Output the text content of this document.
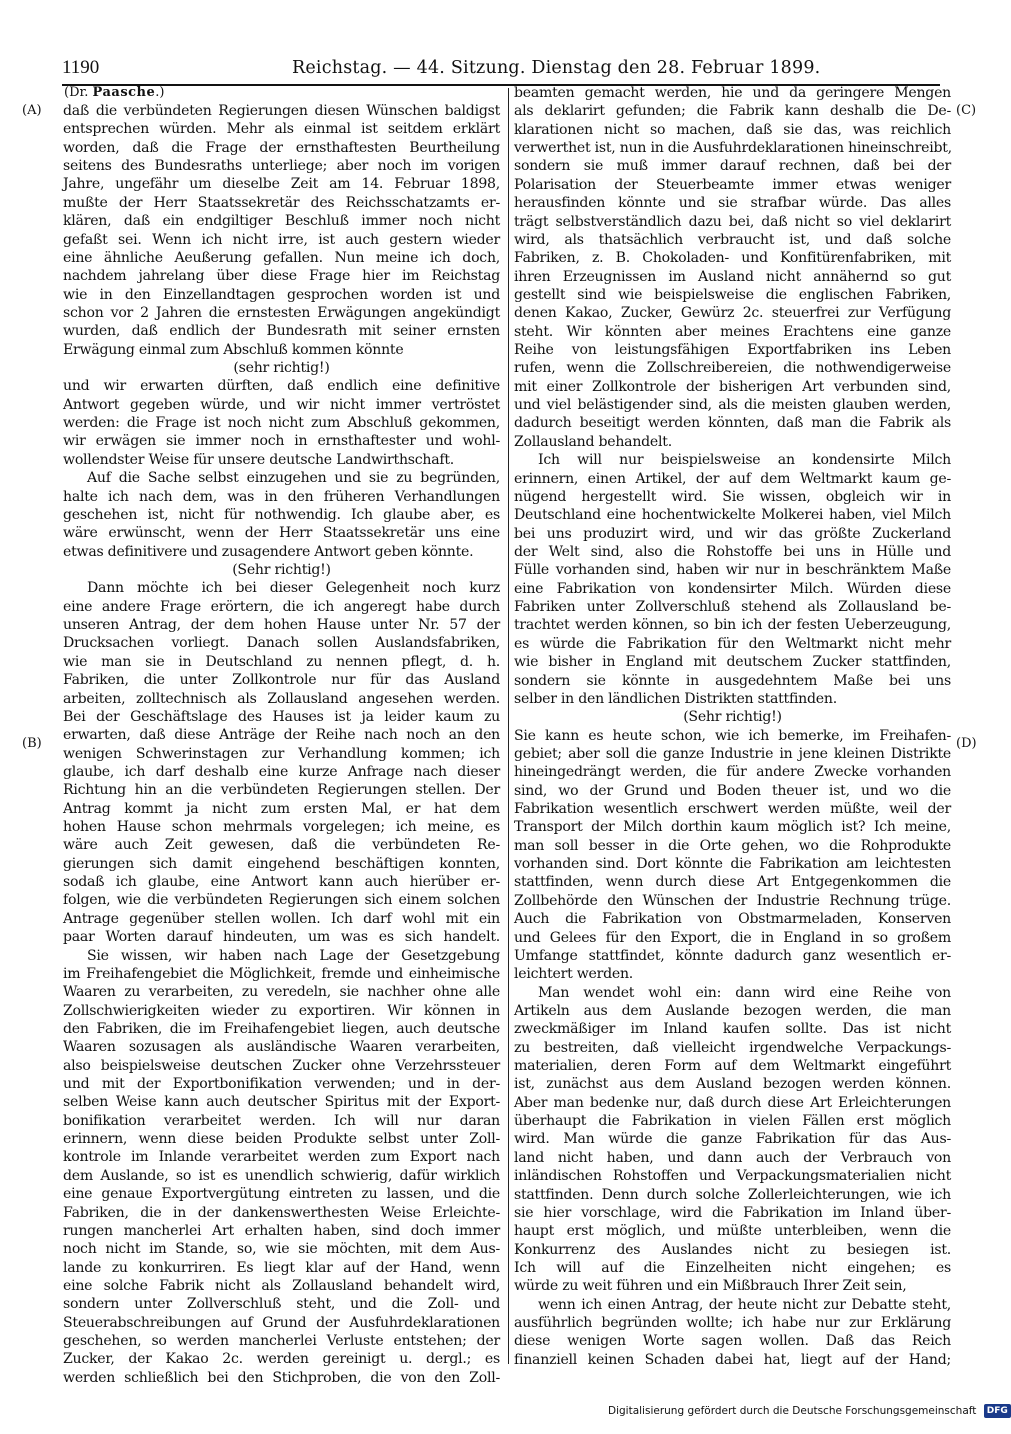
1190	Reichstag. — 44. Sitzung. Dienstag den 28. Februar 1899.
(Dr. Paasche.)
(A)
(B)
(C)
(D)
daß die verbündeten Regierungen diesen Wünschen baldigst
entsprechen würden. Mehr als einmal ist seitdem erklärt
worden, daß die Frage der ernsthaftesten Beurtheilung
seitens des Bundesraths unterliege; aber noch im vorigen
Jahre, ungefähr um dieselbe Zeit am 14. Februar 1898,
mußte der Herr Staatssekretär des Reichsschatzamts er-
klären, daß ein endgiltiger Beschluß immer noch nicht
gefaßt sei. Wenn ich nicht irre, ist auch gestern wieder
eine ähnliche Aeußerung gefallen. Nun meine ich doch,
nachdem jahrelang über diese Frage hier im Reichstag
wie in den Einzellandtagen gesprochen worden ist und
schon vor 2 Jahren die ernstesten Erwägungen angekündigt
wurden, daß endlich der Bundesrath mit seiner ernsten
Erwägung einmal zum Abschluß kommen könnte
(sehr richtig!)
und wir erwarten dürften, daß endlich eine definitive
Antwort gegeben würde, und wir nicht immer vertröstet
werden: die Frage ist noch nicht zum Abschluß gekommen,
wir erwägen sie immer noch in ernsthaftester und wohl-
wollendster Weise für unsere deutsche Landwirthschaft.
Auf die Sache selbst einzugehen und sie zu begründen,
halte ich nach dem, was in den früheren Verhandlungen
geschehen ist, nicht für nothwendig. Ich glaube aber, es
wäre erwünscht, wenn der Herr Staatssekretär uns eine
etwas definitivere und zusagendere Antwort geben könnte.
(Sehr richtig!)
Dann möchte ich bei dieser Gelegenheit noch kurz
eine andere Frage erörtern, die ich angeregt habe durch
unseren Antrag, der dem hohen Hause unter Nr. 57 der
Drucksachen vorliegt. Danach sollen Auslandsfabriken,
wie man sie in Deutschland zu nennen pflegt, d. h.
Fabriken, die unter Zollkontrole nur für das Ausland
arbeiten, zolltechnisch als Zollausland angesehen werden.
Bei der Geschäftslage des Hauses ist ja leider kaum zu
erwarten, daß diese Anträge der Reihe nach noch an den
wenigen Schwerinstagen zur Verhandlung kommen; ich
glaube, ich darf deshalb eine kurze Anfrage nach dieser
Richtung hin an die verbündeten Regierungen stellen. Der
Antrag kommt ja nicht zum ersten Mal, er hat dem
hohen Hause schon mehrmals vorgelegen; ich meine, es
wäre auch Zeit gewesen, daß die verbündeten Re-
gierungen sich damit eingehend beschäftigen konnten,
sodaß ich glaube, eine Antwort kann auch hierüber er-
folgen, wie die verbündeten Regierungen sich einem solchen
Antrage gegenüber stellen wollen. Ich darf wohl mit ein
paar Worten darauf hindeuten, um was es sich handelt.
Sie wissen, wir haben nach Lage der Gesetzgebung
im Freihafengebiet die Möglichkeit, fremde und einheimische
Waaren zu verarbeiten, zu veredeln, sie nachher ohne alle
Zollschwierigkeiten wieder zu exportiren. Wir können in
den Fabriken, die im Freihafengebiet liegen, auch deutsche
Waaren sozusagen als ausländische Waaren verarbeiten,
also beispielsweise deutschen Zucker ohne Verzehrssteuer
und mit der Exportbonifikation verwenden; und in der-
selben Weise kann auch deutscher Spiritus mit der Export-
bonifikation verarbeitet werden. Ich will nur daran
erinnern, wenn diese beiden Produkte selbst unter Zoll-
kontrole im Inlande verarbeitet werden zum Export nach
dem Auslande, so ist es unendlich schwierig, dafür wirklich
eine genaue Exportvergütung eintreten zu lassen, und die
Fabriken, die in der dankenswerthesten Weise Erleichte-
rungen mancherlei Art erhalten haben, sind doch immer
noch nicht im Stande, so, wie sie möchten, mit dem Aus-
lande zu konkurriren. Es liegt klar auf der Hand, wenn
eine solche Fabrik nicht als Zollausland behandelt wird,
sondern unter Zollverschluß steht, und die Zoll- und
Steuerabschreibungen auf Grund der Ausfuhrdeklarationen
geschehen, so werden mancherlei Verluste entstehen; der
Zucker, der Kakao 2c. werden gereinigt u. dergl.; es
werden schließlich bei den Stichproben, die von den Zoll-
beamten gemacht werden, hie und da geringere Mengen
als deklarirt gefunden; die Fabrik kann deshalb die De-
klarationen nicht so machen, daß sie das, was reichlich
verwerthet ist, nun in die Ausfuhrdeklarationen hineinschreibt,
sondern sie muß immer darauf rechnen, daß bei der
Polarisation der Steuerbeamte immer etwas weniger
herausfinden könnte und sie strafbar würde. Das alles
trägt selbstverständlich dazu bei, daß nicht so viel deklarirt
wird, als thatsächlich verbraucht ist, und daß solche
Fabriken, z. B. Chokoladen- und Konfitürenfabriken, mit
ihren Erzeugnissen im Ausland nicht annähernd so gut
gestellt sind wie beispielsweise die englischen Fabriken,
denen Kakao, Zucker, Gewürz 2c. steuerfrei zur Verfügung
steht. Wir könnten aber meines Erachtens eine ganze
Reihe von leistungsfähigen Exportfabriken ins Leben
rufen, wenn die Zollschreibereien, die nothwendigerweise
mit einer Zollkontrole der bisherigen Art verbunden sind,
und viel belästigender sind, als die meisten glauben werden,
dadurch beseitigt werden könnten, daß man die Fabrik als
Zollausland behandelt.
Ich will nur beispielsweise an kondensirte Milch
erinnern, einen Artikel, der auf dem Weltmarkt kaum ge-
nügend hergestellt wird. Sie wissen, obgleich wir in
Deutschland eine hochentwickelte Molkerei haben, viel Milch
bei uns produzirt wird, und wir das größte Zuckerland
der Welt sind, also die Rohstoffe bei uns in Hülle und
Fülle vorhanden sind, haben wir nur in beschränktem Maße
eine Fabrikation von kondensirter Milch. Würden diese
Fabriken unter Zollverschluß stehend als Zollausland be-
trachtet werden können, so bin ich der festen Ueberzeugung,
es würde die Fabrikation für den Weltmarkt nicht mehr
wie bisher in England mit deutschem Zucker stattfinden,
sondern sie könnte in ausgedehntem Maße bei uns
selber in den ländlichen Distrikten stattfinden.
(Sehr richtig!)
Sie kann es heute schon, wie ich bemerke, im Freihafen-
gebiet; aber soll die ganze Industrie in jene kleinen Distrikte
hineingedrängt werden, die für andere Zwecke vorhanden
sind, wo der Grund und Boden theuer ist, und wo die
Fabrikation wesentlich erschwert werden müßte, weil der
Transport der Milch dorthin kaum möglich ist? Ich meine,
man soll besser in die Orte gehen, wo die Rohprodukte
vorhanden sind. Dort könnte die Fabrikation am leichtesten
stattfinden, wenn durch diese Art Entgegenkommen die
Zollbehörde den Wünschen der Industrie Rechnung trüge.
Auch die Fabrikation von Obstmarmeladen, Konserven
und Gelees für den Export, die in England in so großem
Umfange stattfindet, könnte dadurch ganz wesentlich er-
leichtert werden.
Man wendet wohl ein: dann wird eine Reihe von
Artikeln aus dem Auslande bezogen werden, die man
zweckmäßiger im Inland kaufen sollte. Das ist nicht
zu bestreiten, daß vielleicht irgendwelche Verpackungs-
materialien, deren Form auf dem Weltmarkt eingeführt
ist, zunächst aus dem Ausland bezogen werden können.
Aber man bedenke nur, daß durch diese Art Erleichterungen
überhaupt die Fabrikation in vielen Fällen erst möglich
wird. Man würde die ganze Fabrikation für das Aus-
land nicht haben, und dann auch der Verbrauch von
inländischen Rohstoffen und Verpackungsmaterialien nicht
stattfinden. Denn durch solche Zollerleichterungen, wie ich
sie hier vorschlage, wird die Fabrikation im Inland über-
haupt erst möglich, und müßte unterbleiben, wenn die
Konkurrenz des Auslandes nicht zu besiegen ist.
Ich will auf die Einzelheiten nicht eingehen; es
würde zu weit führen und ein Mißbrauch Ihrer Zeit sein,
wenn ich einen Antrag, der heute nicht zur Debatte steht,
ausführlich begründen wollte; ich habe nur zur Erklärung
diese wenigen Worte sagen wollen. Daß das Reich
finanziell keinen Schaden dabei hat, liegt auf der Hand;
Digitalisierung gefördert durch die Deutsche Forschungsgemeinschaft DFG
